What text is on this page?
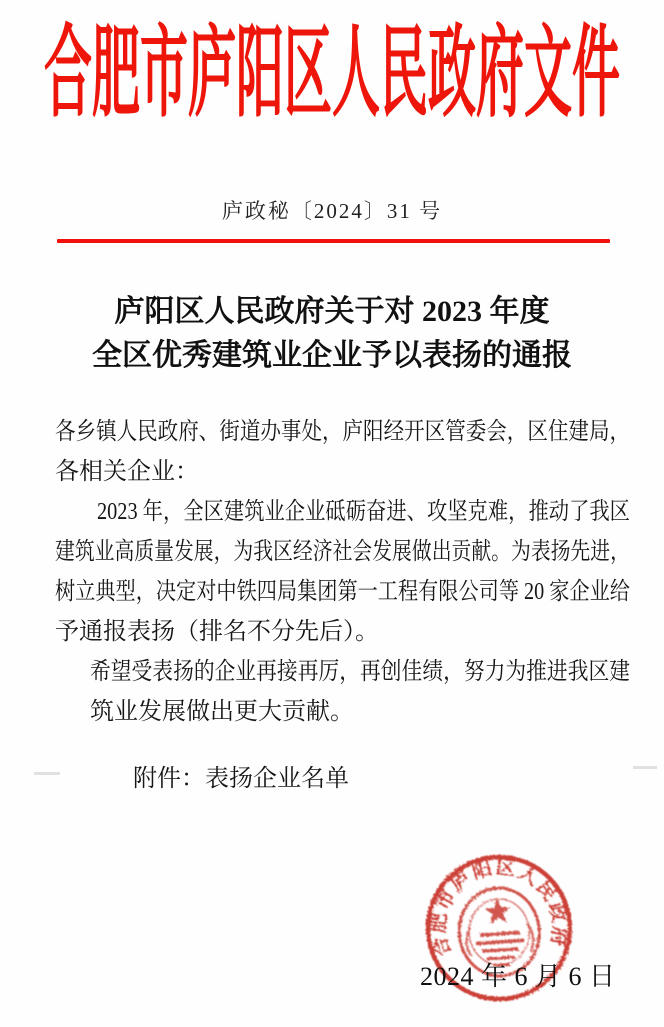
合肥市庐阳区人民政府文件
庐政秘〔2024〕31 号
庐阳区人民政府关于对 2023 年度
全区优秀建筑业企业予以表扬的通报
各乡镇人民政府、街道办事处，庐阳经开区管委会，区住建局，
各相关企业：
2023 年，全区建筑业企业砥砺奋进、攻坚克难，推动了我区
建筑业高质量发展，为我区经济社会发展做出贡献。为表扬先进，
树立典型，决定对中铁四局集团第一工程有限公司等 20 家企业给
予通报表扬（排名不分先后）。
希望受表扬的企业再接再厉，再创佳绩，努力为推进我区建
筑业发展做出更大贡献。
附件：表扬企业名单
合肥市庐阳区人民政府
2024 年 6 月 6 日
